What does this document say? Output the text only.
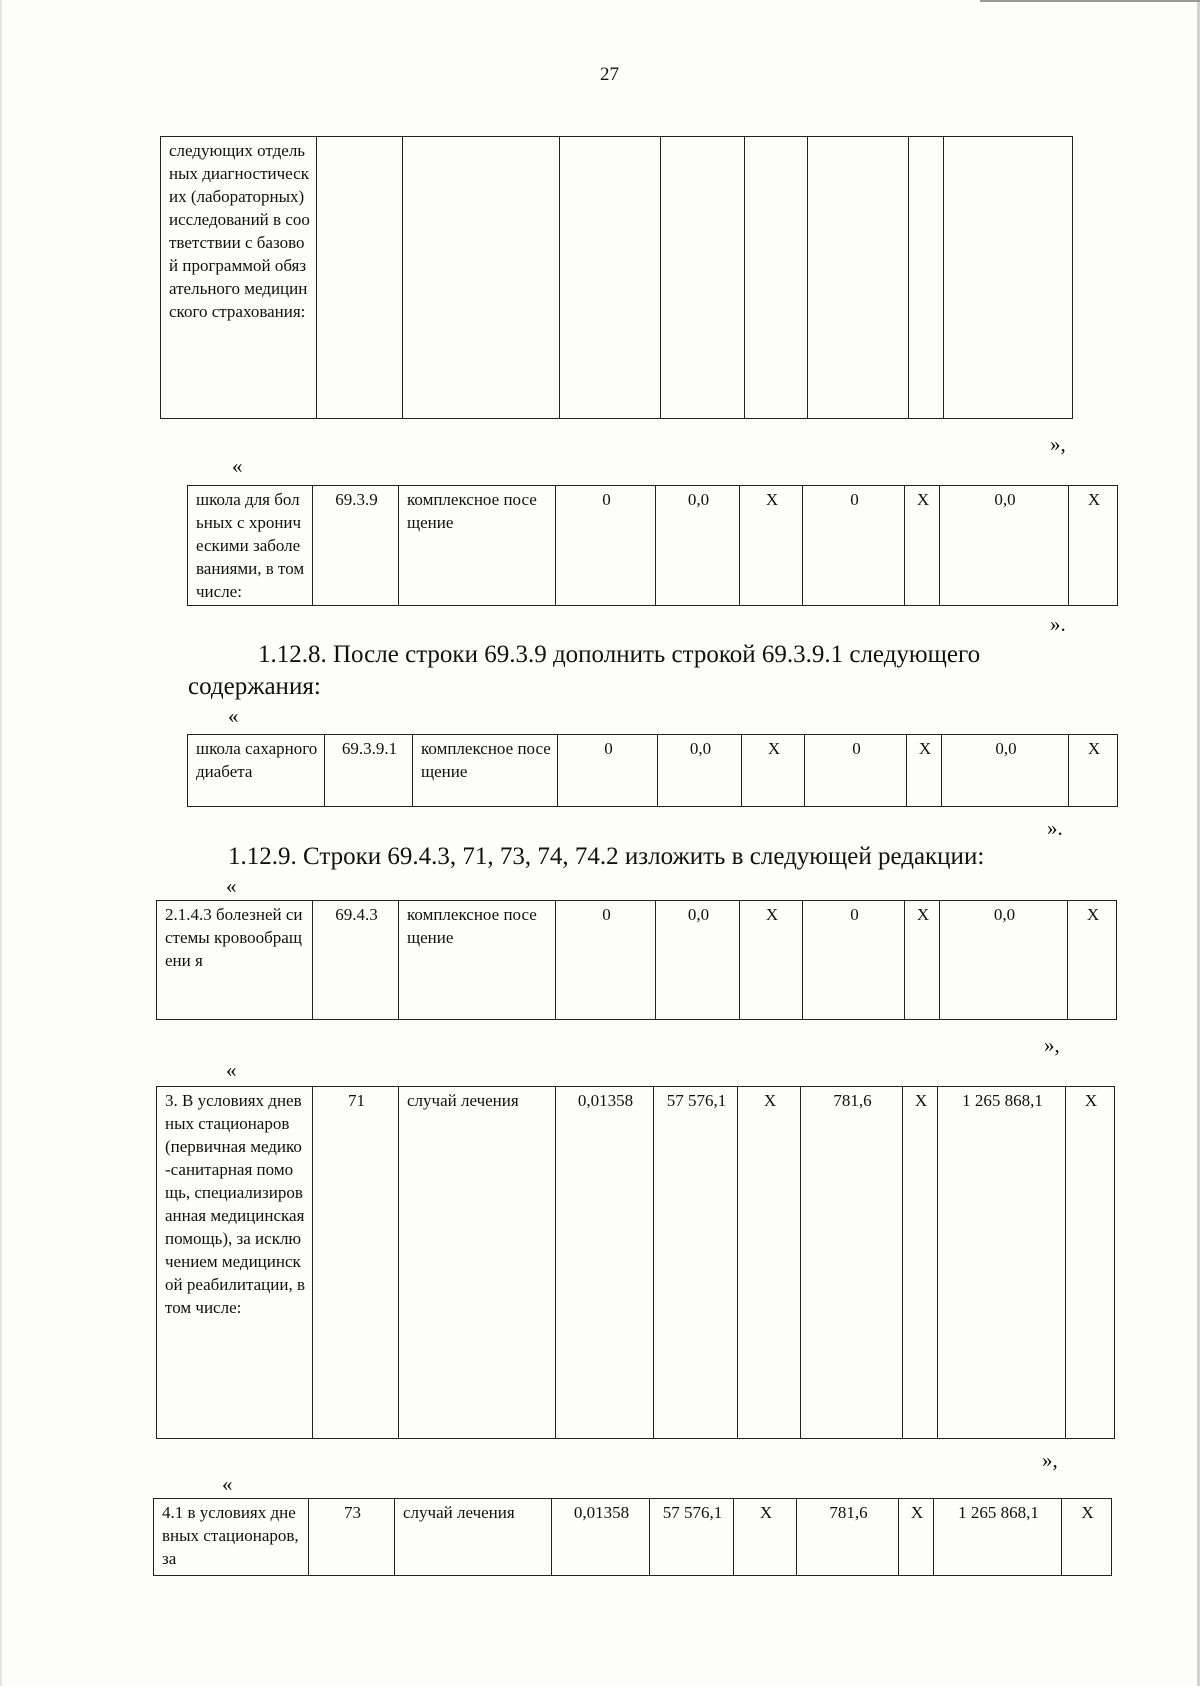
27
следующих отдельных диагностическ их (лабораторных) исследований в соответствии с базовой программой обязательного медицинского страхования:								
»,
«
школа для больных с хроническими заболеваниями, в том числе:	69.3.9	комплексное посещение	0	0,0	Х	0	Х	0,0	Х
».
1.12.8. После строки 69.3.9 дополнить строкой 69.3.9.1 следующего
содержания:
«
школа сахарного диабета	69.3.9.1	комплексное посещение	0	0,0	Х	0	Х	0,0	Х
».
1.12.9. Строки 69.4.3, 71, 73, 74, 74.2 изложить в следующей редакции:
«
2.1.4.3 болезней системы кровообращени я	69.4.3	комплексное посещение	0	0,0	Х	0	Х	0,0	Х
»,
«
3. В условиях дневных стационаров (первичная медико-санитарная помощь, специализиров анная медицинская помощь), за исключением медицинской реабилитации, в том числе:	71	случай лечения	0,01358	57 576,1	Х	781,6	Х	1 265 868,1	Х
»,
«
4.1 в условиях дневных стационаров, за	73	случай лечения	0,01358	57 576,1	Х	781,6	Х	1 265 868,1	Х
